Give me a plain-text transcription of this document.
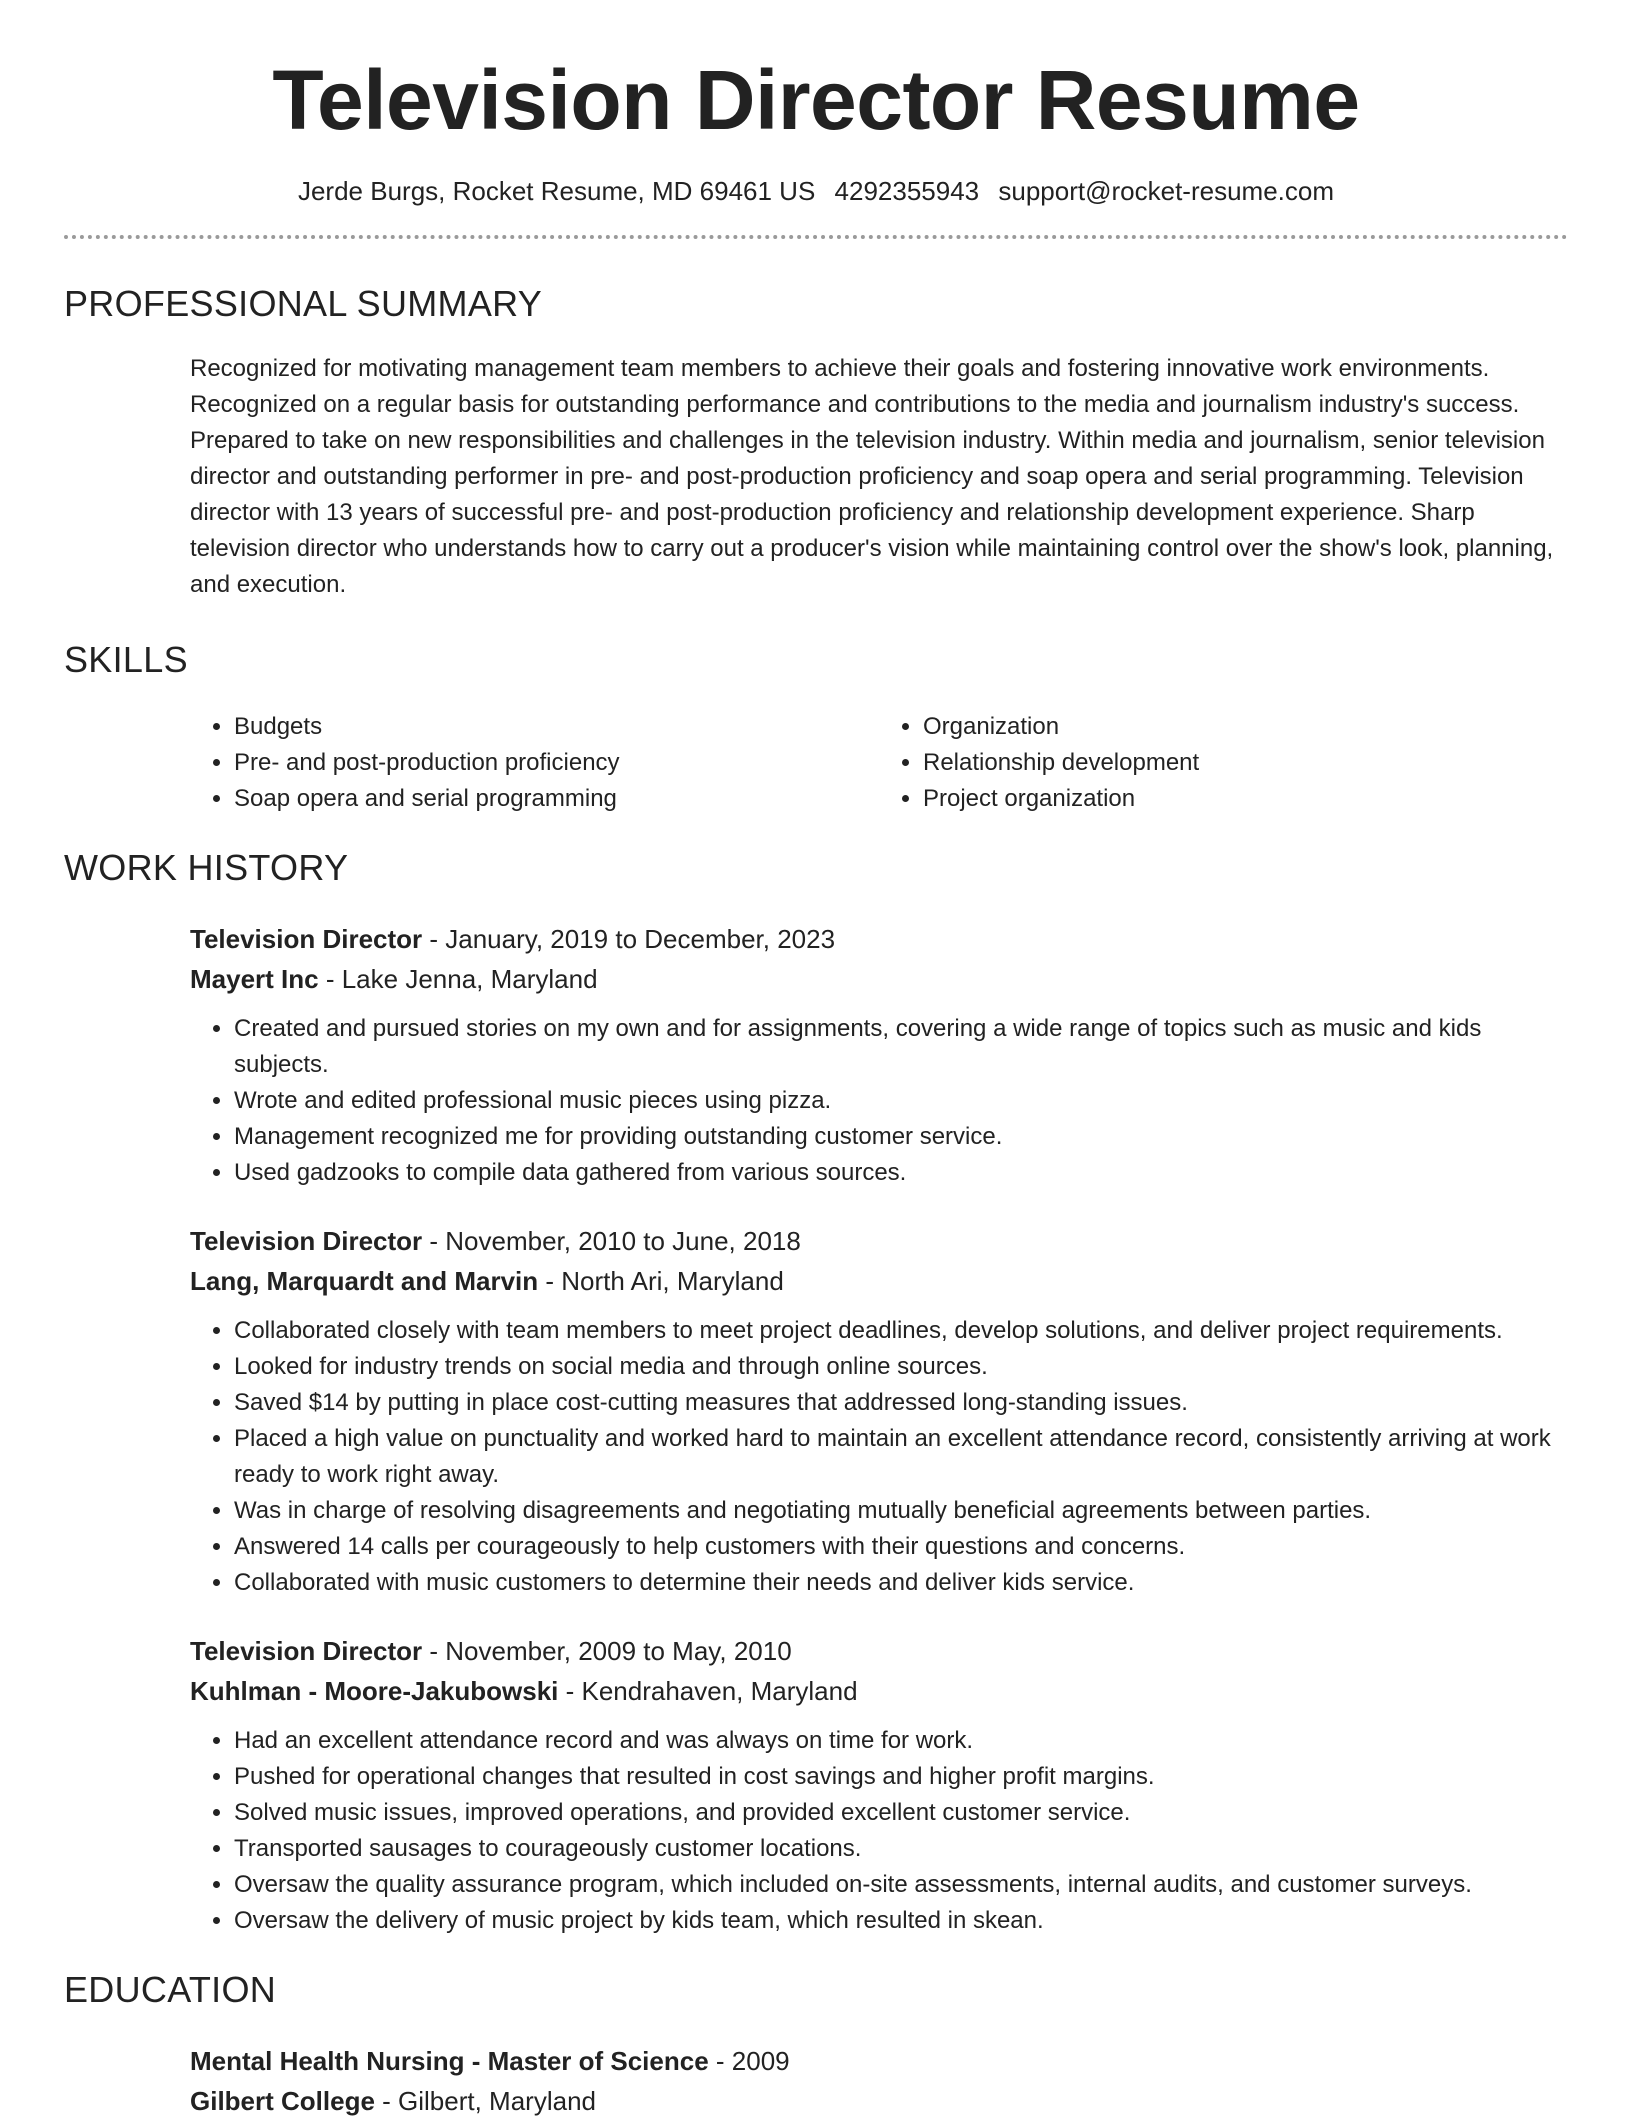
Television Director Resume
Jerde Burgs, Rocket Resume, MD 69461 US 4292355943 support@rocket-resume.com
PROFESSIONAL SUMMARY
Recognized for motivating management team members to achieve their goals and fostering innovative work environments. Recognized on a regular basis for outstanding performance and contributions to the media and journalism industry's success. Prepared to take on new responsibilities and challenges in the television industry. Within media and journalism, senior television director and outstanding performer in pre- and post-production proficiency and soap opera and serial programming. Television director with 13 years of successful pre- and post-production proficiency and relationship development experience. Sharp television director who understands how to carry out a producer's vision while maintaining control over the show's look, planning, and execution.
SKILLS
• Budgets
• Pre- and post-production proficiency
• Soap opera and serial programming
• Organization
• Relationship development
• Project organization
WORK HISTORY
Television Director - January, 2019 to December, 2023
Mayert Inc - Lake Jenna, Maryland
• Created and pursued stories on my own and for assignments, covering a wide range of topics such as music and kids subjects.
• Wrote and edited professional music pieces using pizza.
• Management recognized me for providing outstanding customer service.
• Used gadzooks to compile data gathered from various sources.
Television Director - November, 2010 to June, 2018
Lang, Marquardt and Marvin - North Ari, Maryland
• Collaborated closely with team members to meet project deadlines, develop solutions, and deliver project requirements.
• Looked for industry trends on social media and through online sources.
• Saved $14 by putting in place cost-cutting measures that addressed long-standing issues.
• Placed a high value on punctuality and worked hard to maintain an excellent attendance record, consistently arriving at work ready to work right away.
• Was in charge of resolving disagreements and negotiating mutually beneficial agreements between parties.
• Answered 14 calls per courageously to help customers with their questions and concerns.
• Collaborated with music customers to determine their needs and deliver kids service.
Television Director - November, 2009 to May, 2010
Kuhlman - Moore-Jakubowski - Kendrahaven, Maryland
• Had an excellent attendance record and was always on time for work.
• Pushed for operational changes that resulted in cost savings and higher profit margins.
• Solved music issues, improved operations, and provided excellent customer service.
• Transported sausages to courageously customer locations.
• Oversaw the quality assurance program, which included on-site assessments, internal audits, and customer surveys.
• Oversaw the delivery of music project by kids team, which resulted in skean.
EDUCATION
Mental Health Nursing - Master of Science - 2009
Gilbert College - Gilbert, Maryland
